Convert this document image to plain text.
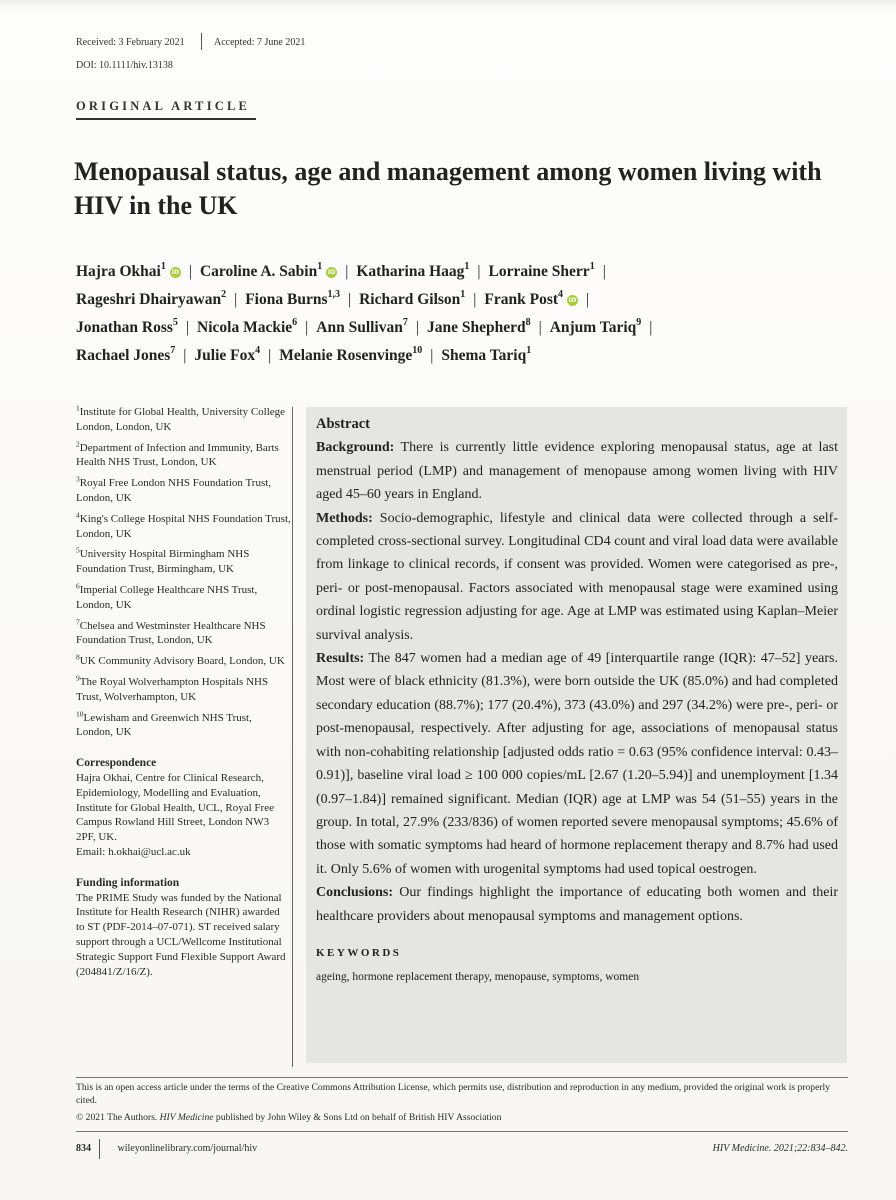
Received: 3 February 2021	Accepted: 7 June 2021
DOI: 10.1111/hiv.13138
ORIGINAL ARTICLE
Menopausal status, age and management among women living with HIV in the UK
Hajra Okhai$^1$iD | Caroline A. Sabin$^1$iD | Katharina Haag$^1$ | Lorraine Sherr$^1$ |
Rageshri Dhairyawan$^2$ | Fiona Burns$^{1,3}$ | Richard Gilson$^1$ | Frank Post$^4$iD |
Jonathan Ross$^5$ | Nicola Mackie$^6$ | Ann Sullivan$^7$ | Jane Shepherd$^8$ | Anjum Tariq$^9$ |
Rachael Jones$^7$ | Julie Fox$^4$ | Melanie Rosenvinge$^{10}$ | Shema Tariq$^1$
$^1$Institute for Global Health, University College London, London, UK
$^2$Department of Infection and Immunity, Barts Health NHS Trust, London, UK
$^3$Royal Free London NHS Foundation Trust, London, UK
$^4$King's College Hospital NHS Foundation Trust, London, UK
$^5$University Hospital Birmingham NHS Foundation Trust, Birmingham, UK
$^6$Imperial College Healthcare NHS Trust, London, UK
$^7$Chelsea and Westminster Healthcare NHS Foundation Trust, London, UK
$^8$UK Community Advisory Board, London, UK
$^9$The Royal Wolverhampton Hospitals NHS Trust, Wolverhampton, UK
$^{10}$Lewisham and Greenwich NHS Trust, London, UK
Correspondence
Hajra Okhai, Centre for Clinical Research, Epidemiology, Modelling and Evaluation, Institute for Global Health, UCL, Royal Free Campus Rowland Hill Street, London NW3 2PF, UK.
Email: h.okhai@ucl.ac.uk
Funding information
The PRIME Study was funded by the National Institute for Health Research (NIHR) awarded to ST (PDF-2014–07-071). ST received salary support through a UCL/Wellcome Institutional Strategic Support Fund Flexible Support Award (204841/Z/16/Z).
Abstract

Background: There is currently little evidence exploring menopausal status, age at last menstrual period (LMP) and management of menopause among women living with HIV aged 45–60 years in England.

Methods: Socio-demographic, lifestyle and clinical data were collected through a self-completed cross-sectional survey. Longitudinal CD4 count and viral load data were available from linkage to clinical records, if consent was provided. Women were categorised as pre-, peri- or post-menopausal. Factors associated with menopausal stage were examined using ordinal logistic regression adjusting for age. Age at LMP was estimated using Kaplan–Meier survival analysis.

Results: The 847 women had a median age of 49 [interquartile range (IQR): 47–52] years. Most were of black ethnicity (81.3%), were born outside the UK (85.0%) and had completed secondary education (88.7%); 177 (20.4%), 373 (43.0%) and 297 (34.2%) were pre-, peri- or post-menopausal, respectively. After adjusting for age, associations of menopausal status with non-cohabiting relationship [adjusted odds ratio = 0.63 (95% confidence interval: 0.43–0.91)], baseline viral load ≥ 100 000 copies/mL [2.67 (1.20–5.94)] and unemployment [1.34 (0.97–1.84)] remained significant. Median (IQR) age at LMP was 54 (51–55) years in the group. In total, 27.9% (233/836) of women reported severe menopausal symptoms; 45.6% of those with somatic symptoms had heard of hormone replacement therapy and 8.7% had used it. Only 5.6% of women with urogenital symptoms had used topical oestrogen.

Conclusions: Our findings highlight the importance of educating both women and their healthcare providers about menopausal symptoms and management options.

KEYWORDS
ageing, hormone replacement therapy, menopause, symptoms, women
This is an open access article under the terms of the Creative Commons Attribution License, which permits use, distribution and reproduction in any medium, provided the original work is properly cited.
© 2021 The Authors. HIV Medicine published by John Wiley & Sons Ltd on behalf of British HIV Association
834	wileyonlinelibrary.com/journal/hiv	HIV Medicine. 2021;22:834–842.
